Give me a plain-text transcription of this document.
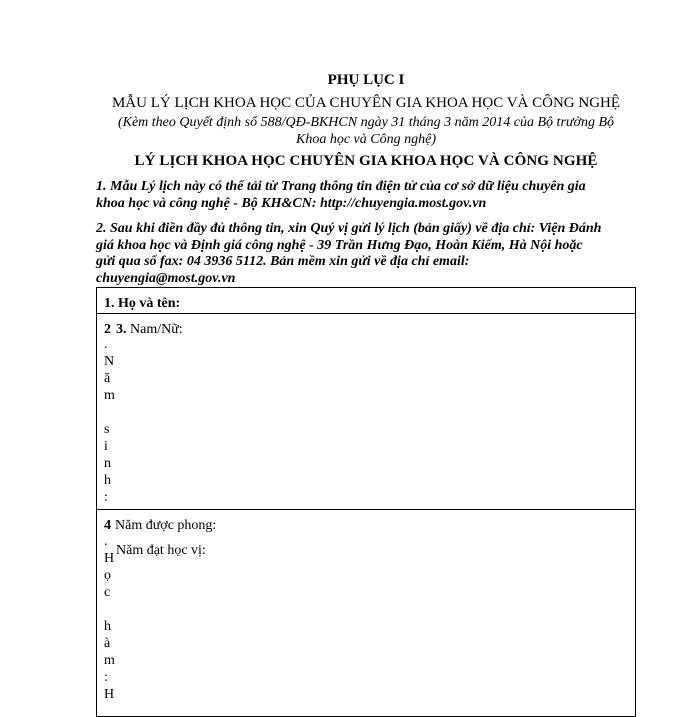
PHỤ LỤC I
MẪU LÝ LỊCH KHOA HỌC CỦA CHUYÊN GIA KHOA HỌC VÀ CÔNG NGHỆ
(Kèm theo Quyết định số 588/QĐ-BKHCN ngày 31 tháng 3 năm 2014 của Bộ trưởng Bộ
Khoa học và Công nghệ)
LÝ LỊCH KHOA HỌC CHUYÊN GIA KHOA HỌC VÀ CÔNG NGHỆ
1. Mẫu Lý lịch này có thể tải từ Trang thông tin điện tử của cơ sở dữ liệu chuyên gia
khoa học và công nghệ - Bộ KH&CN: http://chuyengia.most.gov.vn
2. Sau khi điền đầy đủ thông tin, xin Quý vị gửi lý lịch (bản giấy) về địa chỉ: Viện Đánh
giá khoa học và Định giá công nghệ - 39 Trần Hưng Đạo, Hoàn Kiếm, Hà Nội hoặc
gửi qua số fax: 04 3936 5112. Bản mềm xin gửi về địa chỉ email:
chuyengia@most.gov.vn
1. Họ và tên:
2 3. Nam/Nữ:
.
N
ă
m
s
i
n
h
:
4 Năm được phong:
Năm đạt học vị:
.
H
ọ
c
h
à
m
:
H
